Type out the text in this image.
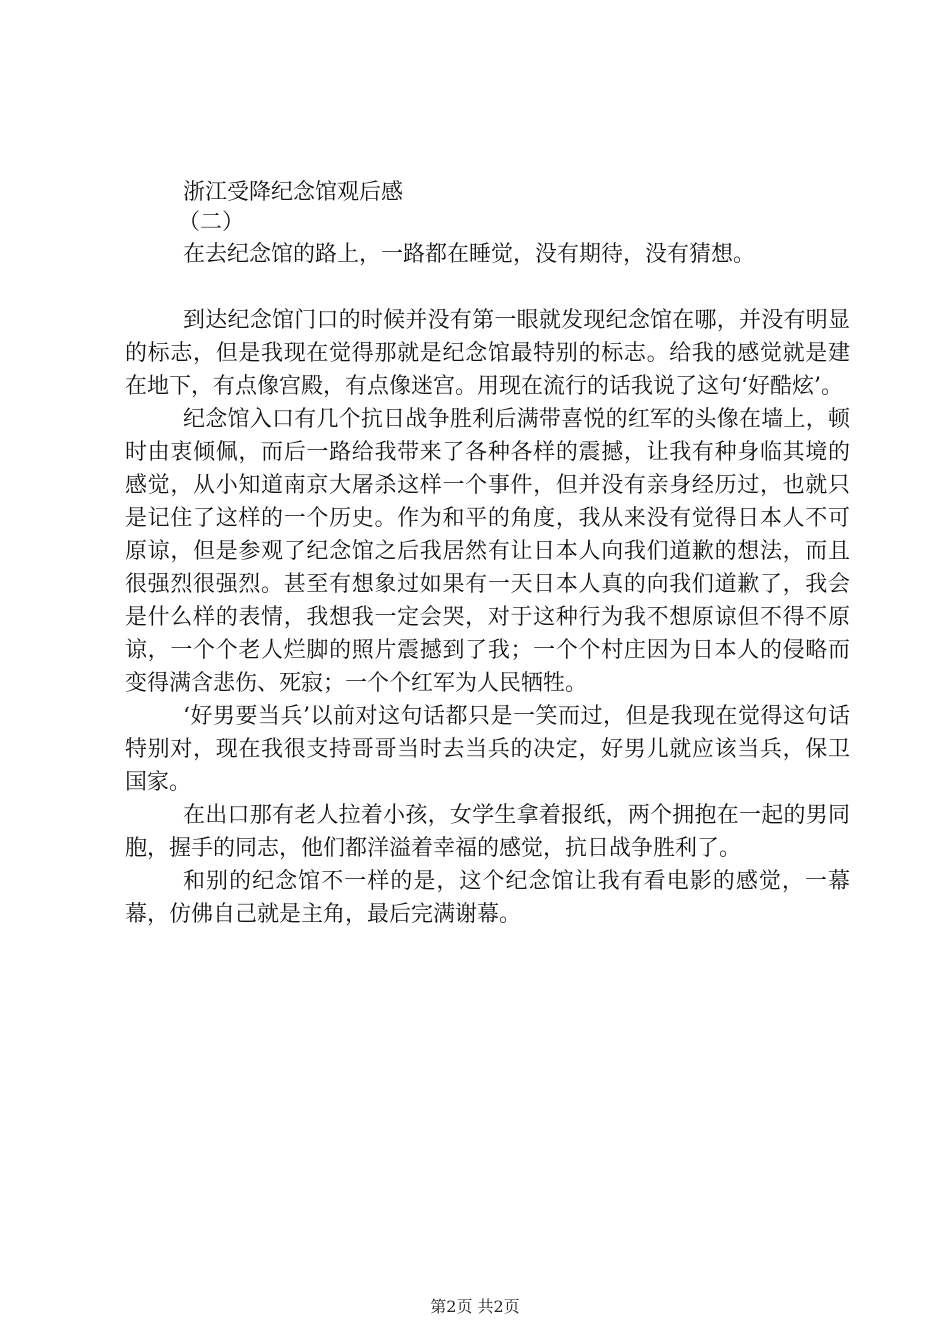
浙江受降纪念馆观后感
（二）

在去纪念馆的路上，一路都在睡觉，没有期待，没有猜想。

到达纪念馆门口的时候并没有第一眼就发现纪念馆在哪，并没有明显的标志，但是我现在觉得那就是纪念馆最特别的标志。给我的感觉就是建在地下，有点像宫殿，有点像迷宫。用现在流行的话我说了这句‘好酷炫’。

纪念馆入口有几个抗日战争胜利后满带喜悦的红军的头像在墙上，顿时由衷倾佩，而后一路给我带来了各种各样的震撼，让我有种身临其境的感觉，从小知道南京大屠杀这样一个事件，但并没有亲身经历过，也就只是记住了这样的一个历史。作为和平的角度，我从来没有觉得日本人不可原谅，但是参观了纪念馆之后我居然有让日本人向我们道歉的想法，而且很强烈很强烈。甚至有想象过如果有一天日本人真的向我们道歉了，我会是什么样的表情，我想我一定会哭，对于这种行为我不想原谅但不得不原谅，一个个老人烂脚的照片震撼到了我；一个个村庄因为日本人的侵略而变得满含悲伤、死寂；一个个红军为人民牺牲。

‘好男要当兵’以前对这句话都只是一笑而过，但是我现在觉得这句话特别对，现在我很支持哥哥当时去当兵的决定，好男儿就应该当兵，保卫国家。

在出口那有老人拉着小孩，女学生拿着报纸，两个拥抱在一起的男同胞，握手的同志，他们都洋溢着幸福的感觉，抗日战争胜利了。

和别的纪念馆不一样的是，这个纪念馆让我有看电影的感觉，一幕幕，仿佛自己就是主角，最后完满谢幕。

第2页 共2页
